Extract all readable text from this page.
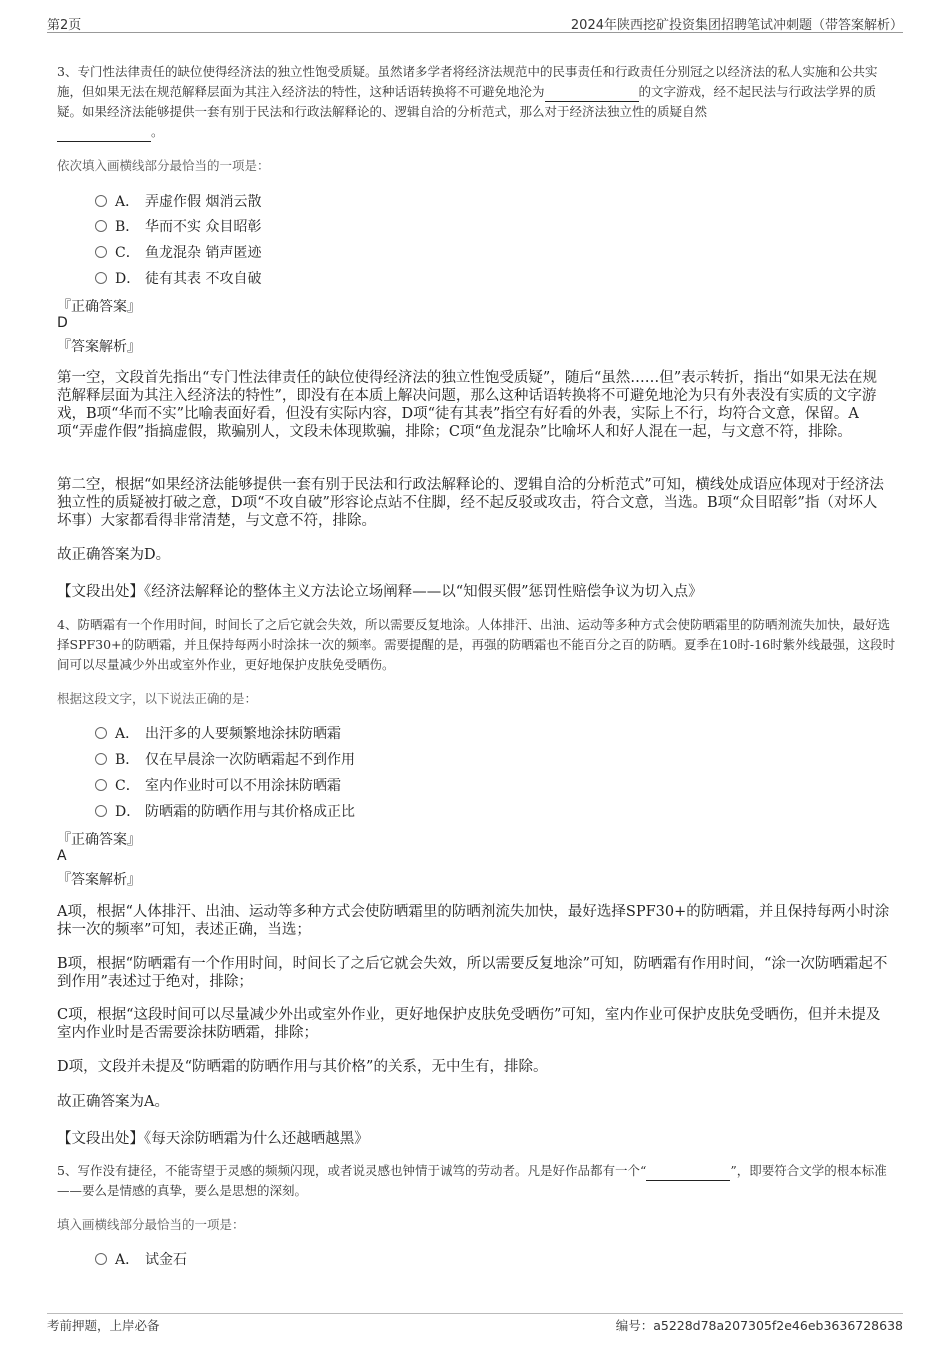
第2页	2024年陕西挖矿投资集团招聘笔试冲刺题（带答案解析）
3、专门性法律责任的缺位使得经济法的独立性饱受质疑。虽然诸多学者将经济法规范中的民事责任和行政责任分别冠之以经济法的私人实施和公共实施，但如果无法在规范解释层面为其注入经济法的特性，这种话语转换将不可避免地沦为	的文字游戏，经不起民法与行政法学界的质疑。如果经济法能够提供一套有别于民法和行政法解释论的、逻辑自洽的分析范式，那么对于经济法独立性的质疑自然
。
依次填入画横线部分最恰当的一项是：
A． 弄虚作假 烟消云散
B． 华而不实 众目昭彰
C． 鱼龙混杂 销声匿迹
D． 徒有其表 不攻自破
『正确答案』
D
『答案解析』
第一空，文段首先指出“专门性法律责任的缺位使得经济法的独立性饱受质疑”，随后“虽然……但”表示转折，指出“如果无法在规范解释层面为其注入经济法的特性”，即没有在本质上解决问题，那么这种话语转换将不可避免地沦为只有外表没有实质的文字游戏，B项“华而不实”比喻表面好看，但没有实际内容，D项“徒有其表”指空有好看的外表，实际上不行，均符合文意，保留。A项“弄虚作假”指搞虚假，欺骗别人，文段未体现欺骗，排除；C项“鱼龙混杂”比喻坏人和好人混在一起，与文意不符，排除。
第二空，根据“如果经济法能够提供一套有别于民法和行政法解释论的、逻辑自洽的分析范式”可知，横线处成语应体现对于经济法独立性的质疑被打破之意，D项“不攻自破”形容论点站不住脚，经不起反驳或攻击，符合文意，当选。B项“众目昭彰”指（对坏人坏事）大家都看得非常清楚，与文意不符，排除。
故正确答案为D。
【文段出处】《经济法解释论的整体主义方法论立场阐释——以“知假买假”惩罚性赔偿争议为切入点》
4、防晒霜有一个作用时间，时间长了之后它就会失效，所以需要反复地涂。人体排汗、出油、运动等多种方式会使防晒霜里的防晒剂流失加快，最好选择SPF30+的防晒霜，并且保持每两小时涂抹一次的频率。需要提醒的是，再强的防晒霜也不能百分之百的防晒。夏季在10时-16时紫外线最强，这段时间可以尽量减少外出或室外作业，更好地保护皮肤免受晒伤。
根据这段文字，以下说法正确的是：
A． 出汗多的人要频繁地涂抹防晒霜
B． 仅在早晨涂一次防晒霜起不到作用
C． 室内作业时可以不用涂抹防晒霜
D． 防晒霜的防晒作用与其价格成正比
『正确答案』
A
『答案解析』
A项，根据“人体排汗、出油、运动等多种方式会使防晒霜里的防晒剂流失加快，最好选择SPF30+的防晒霜，并且保持每两小时涂抹一次的频率”可知，表述正确，当选；
B项，根据“防晒霜有一个作用时间，时间长了之后它就会失效，所以需要反复地涂”可知，防晒霜有作用时间，“涂一次防晒霜起不到作用”表述过于绝对，排除；
C项，根据“这段时间可以尽量减少外出或室外作业，更好地保护皮肤免受晒伤”可知，室内作业可保护皮肤免受晒伤，但并未提及室内作业时是否需要涂抹防晒霜，排除；
D项，文段并未提及“防晒霜的防晒作用与其价格”的关系，无中生有，排除。
故正确答案为A。
【文段出处】《每天涂防晒霜为什么还越晒越黑》
5、写作没有捷径，不能寄望于灵感的频频闪现，或者说灵感也钟情于诚笃的劳动者。凡是好作品都有一个“	”，即要符合文学的根本标准——要么是情感的真挚，要么是思想的深刻。
填入画横线部分最恰当的一项是：
A． 试金石
考前押题，上岸必备	编号：a5228d78a207305f2e46eb3636728638
